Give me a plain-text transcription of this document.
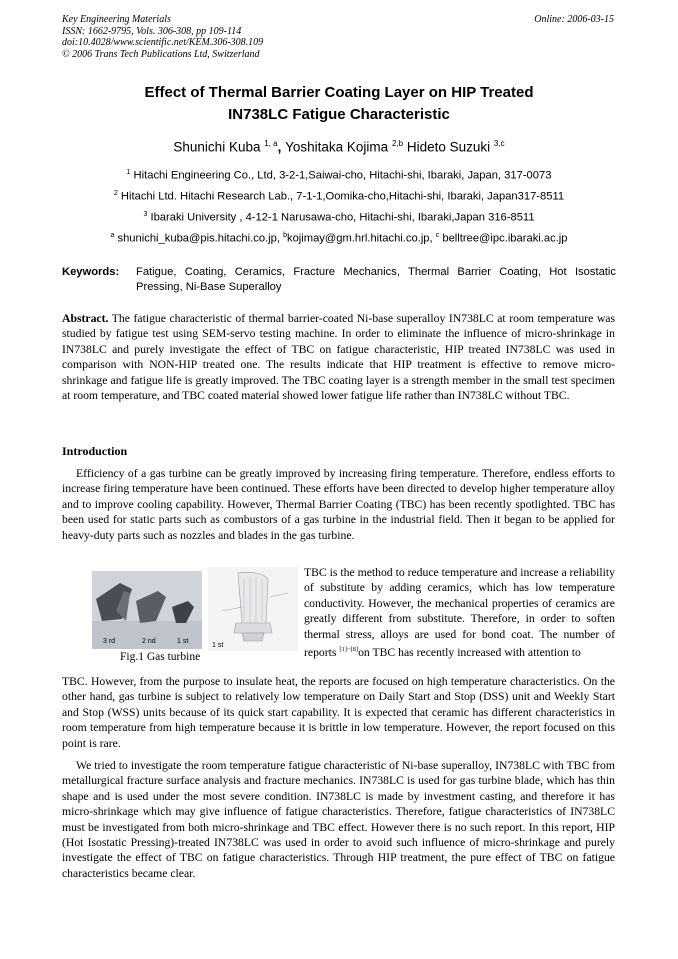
Key Engineering Materials
ISSN: 1662-9795, Vols. 306-308, pp 109-114
doi:10.4028/www.scientific.net/KEM.306-308.109
© 2006 Trans Tech Publications Ltd, Switzerland
Online: 2006-03-15
Effect of Thermal Barrier Coating Layer on HIP Treated
IN738LC Fatigue Characteristic
Shunichi Kuba $^{1, a}$, Yoshitaka Kojima $^{2,b}$ Hideto Suzuki $^{3,c}$
$^1$ Hitachi Engineering Co., Ltd, 3-2-1,Saiwai-cho, Hitachi-shi, Ibaraki, Japan, 317-0073
$^2$ Hitachi Ltd. Hitachi Research Lab., 7-1-1,Oomika-cho,Hitachi-shi, Ibaraki, Japan317-8511
$^3$ Ibaraki University , 4-12-1 Narusawa-cho, Hitachi-shi, Ibaraki,Japan 316-8511
$^a$ shunichi_kuba@pis.hitachi.co.jp, $^b$kojimay@gm.hrl.hitachi.co.jp, $^c$ belltree@ipc.ibaraki.ac.jp
Keywords: Fatigue, Coating, Ceramics, Fracture Mechanics, Thermal Barrier Coating, Hot Isostatic Pressing, Ni-Base Superalloy
Abstract. The fatigue characteristic of thermal barrier-coated Ni-base superalloy IN738LC at room temperature was studied by fatigue test using SEM-servo testing machine. In order to eliminate the influence of micro-shrinkage in IN738LC and purely investigate the effect of TBC on fatigue characteristic, HIP treated IN738LC was used in comparison with NON-HIP treated one. The results indicate that HIP treatment is effective to remove micro-shrinkage and fatigue life is greatly improved. The TBC coating layer is a strength member in the small test specimen at room temperature, and TBC coated material showed lower fatigue life rather than IN738LC without TBC.
Introduction
Efficiency of a gas turbine can be greatly improved by increasing firing temperature. Therefore, endless efforts to increase firing temperature have been continued. These efforts have been directed to develop higher temperature alloy and to improve cooling capability. However, Thermal Barrier Coating (TBC) has been recently spotlighted. TBC has been used for static parts such as combustors of a gas turbine in the industrial field. Then it began to be applied for heavy-duty parts such as nozzles and blades in the gas turbine.
3 rd	2 nd	1 st
1 st
Fig.1 Gas turbine
TBC is the method to reduce temperature and increase a reliability of substitute by adding ceramics, which has low temperature conductivity. However, the mechanical properties of ceramics are greatly different from substitute. Therefore, in order to soften thermal stress, alloys are used for bond coat. The number of reports [1]~[8]on TBC has recently increased with attention to
TBC. However, from the purpose to insulate heat, the reports are focused on high temperature characteristics. On the other hand, gas turbine is subject to relatively low temperature on Daily Start and Stop (DSS) unit and Weekly Start and Stop (WSS) units because of its quick start capability. It is expected that ceramic has different characteristics in room temperature from high temperature because it is brittle in low temperature. However, the report focused on this point is rare.
We tried to investigate the room temperature fatigue characteristic of Ni-base superalloy, IN738LC with TBC from metallurgical fracture surface analysis and fracture mechanics. IN738LC is used for gas turbine blade, which has thin shape and is used under the most severe condition. IN738LC is made by investment casting, and therefore it has micro-shrinkage which may give influence of fatigue characteristics. Therefore, fatigue characteristics of IN738LC must be investigated from both micro-shrinkage and TBC effect. However there is no such report. In this report, HIP (Hot Isostatic Pressing)-treated IN738LC was used in order to avoid such influence of micro-shrinkage and purely investigate the effect of TBC on fatigue characteristics. Through HIP treatment, the pure effect of TBC on fatigue characteristics became clear.
